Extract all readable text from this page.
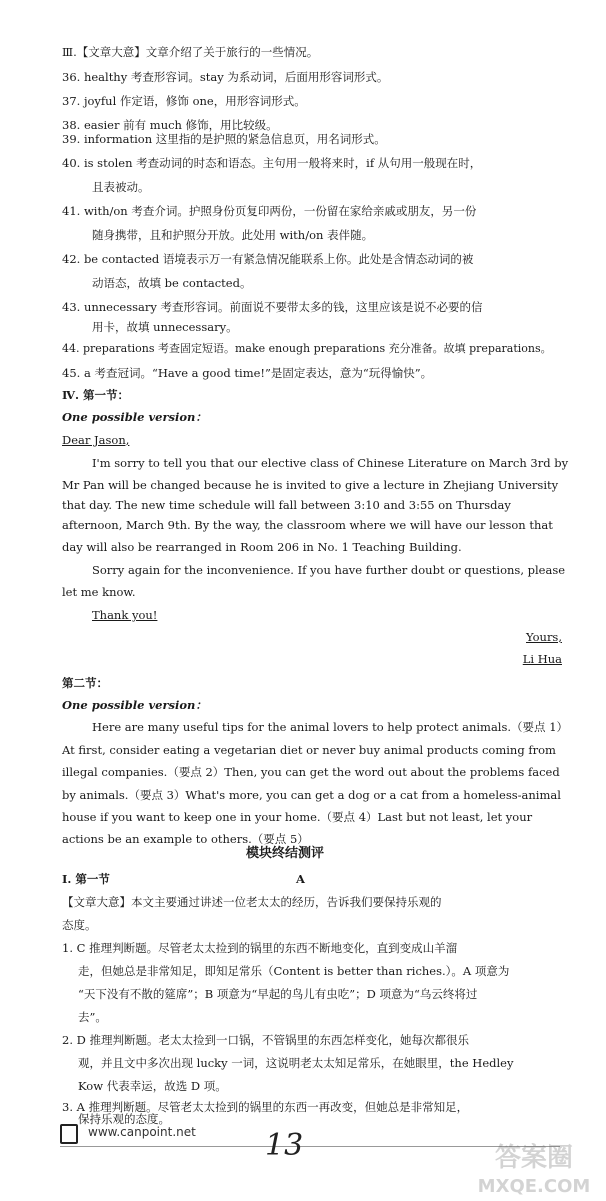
Ⅲ.【文章大意】文章介绍了关于旅行的一些情况。
36. healthy 考查形容词。stay 为系动词，后面用形容词形式。
37. joyful 作定语，修饰 one，用形容词形式。
38. easier 前有 much 修饰，用比较级。
39. information 这里指的是护照的紧急信息页，用名词形式。
40. is stolen 考查动词的时态和语态。主句用一般将来时，if 从句用一般现在时，
且表被动。
41. with/on 考查介词。护照身份页复印两份，一份留在家给亲戚或朋友，另一份
随身携带，且和护照分开放。此处用 with/on 表伴随。
42. be contacted 语境表示万一有紧急情况能联系上你。此处是含情态动词的被
动语态，故填 be contacted。
43. unnecessary 考查形容词。前面说不要带太多的钱，这里应该是说不必要的信
用卡，故填 unnecessary。
44. preparations 考查固定短语。make enough preparations 充分准备。故填 preparations。
45. a 考查冠词。“Have a good time!”是固定表达，意为“玩得愉快”。
Ⅳ. 第一节：
One possible version：
Dear Jason,
I'm sorry to tell you that our elective class of Chinese Literature on March 3rd by
Mr Pan will be changed because he is invited to give a lecture in Zhejiang University
that day. The new time schedule will fall between 3:10 and 3:55 on Thursday
afternoon, March 9th. By the way, the classroom where we will have our lesson that
day will also be rearranged in Room 206 in No. 1 Teaching Building.
Sorry again for the inconvenience. If you have further doubt or questions, please
let me know.
Thank you!
Yours,
Li Hua
第二节：
One possible version：
Here are many useful tips for the animal lovers to help protect animals.（要点 1）
At first, consider eating a vegetarian diet or never buy animal products coming from
illegal companies.（要点 2）Then, you can get the word out about the problems faced
by animals.（要点 3）What's more, you can get a dog or a cat from a homeless-animal
house if you want to keep one in your home.（要点 4）Last but not least, let your
actions be an example to others.（要点 5）
模块终结测评
Ⅰ. 第一节	A
【文章大意】本文主要通过讲述一位老太太的经历，告诉我们要保持乐观的
态度。
1. C 推理判断题。尽管老太太捡到的锅里的东西不断地变化，直到变成山羊溜
走，但她总是非常知足，即知足常乐（Content is better than riches.）。A 项意为
“天下没有不散的筵席”；B 项意为“早起的鸟儿有虫吃”；D 项意为“乌云终将过
去”。
2. D 推理判断题。老太太捡到一口锅，不管锅里的东西怎样变化，她每次都很乐
观，并且文中多次出现 lucky 一词，这说明老太太知足常乐，在她眼里，the Hedley
Kow 代表幸运，故选 D 项。
3. A 推理判断题。尽管老太太捡到的锅里的东西一再改变，但她总是非常知足，
保持乐观的态度。
www.canpoint.net 13	答案圈
MXQE.COM
